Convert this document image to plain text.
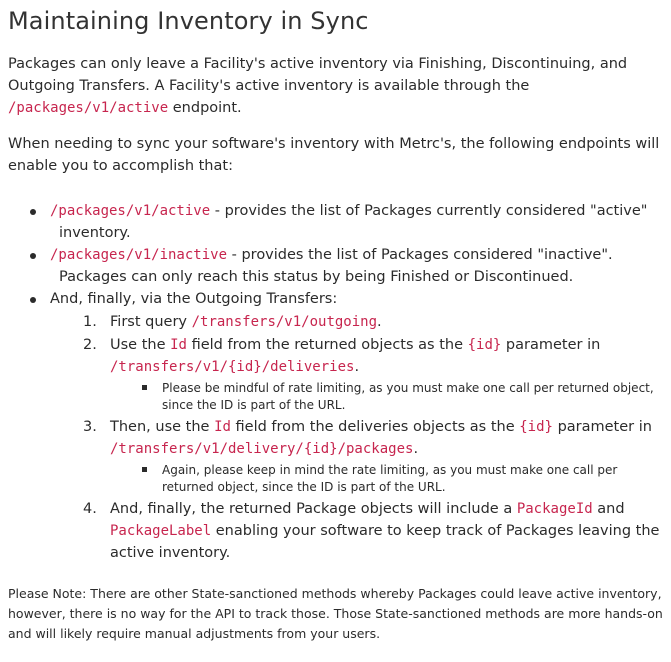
Maintaining Inventory in Sync

Packages can only leave a Facility's active inventory via Finishing, Discontinuing, and Outgoing Transfers. A Facility's active inventory is available through the /packages/v1/active endpoint.

When needing to sync your software's inventory with Metrc's, the following endpoints will enable you to accomplish that:

/packages/v1/active - provides the list of Packages currently considered "active"
inventory.
/packages/v1/inactive - provides the list of Packages considered "inactive".
Packages can only reach this status by being Finished or Discontinued.
And, finally, via the Outgoing Transfers:
1. First query /transfers/v1/outgoing.
2. Use the Id field from the returned objects as the {id} parameter in
/transfers/v1/{id}/deliveries.
Please be mindful of rate limiting, as you must make one call per returned object, since the ID is part of the URL.
3. Then, use the Id field from the deliveries objects as the {id} parameter in
/transfers/v1/delivery/{id}/packages.
Again, please keep in mind the rate limiting, as you must make one call per returned object, since the ID is part of the URL.
4. And, finally, the returned Package objects will include a PackageId and
PackageLabel enabling your software to keep track of Packages leaving the active inventory.

Please Note: There are other State-sanctioned methods whereby Packages could leave active inventory, however, there is no way for the API to track those. Those State-sanctioned methods are more hands-on and will likely require manual adjustments from your users.
